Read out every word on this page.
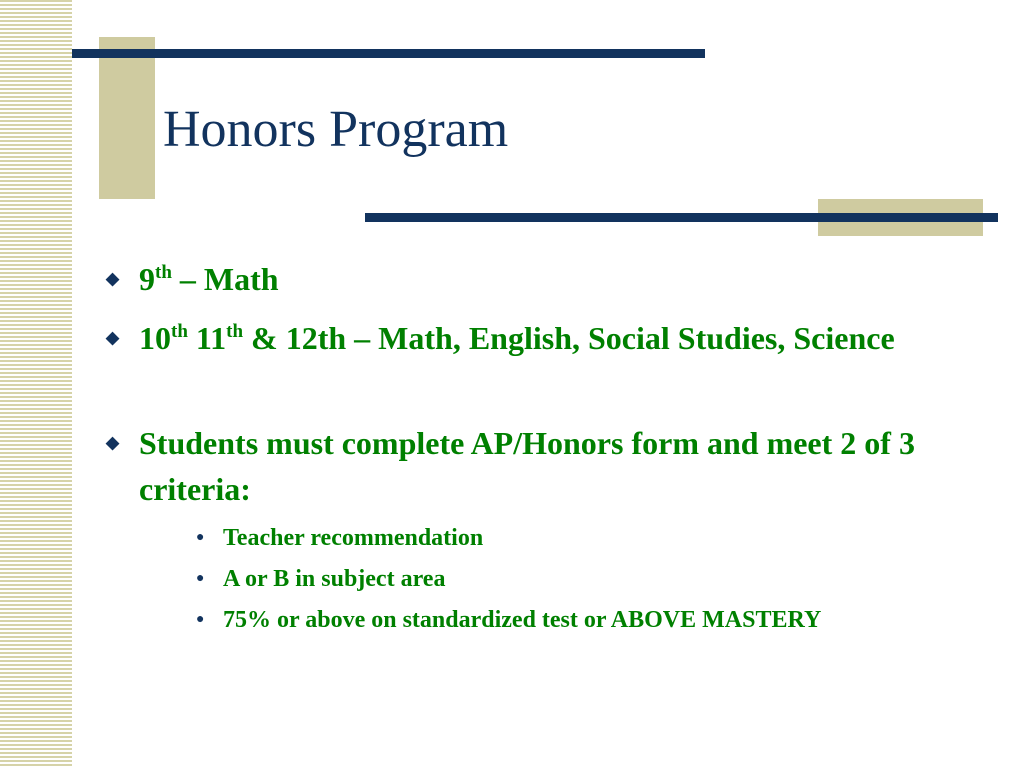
Honors Program
◆ 9th – Math
◆ 10th 11th & 12th – Math, English, Social Studies, Science
◆ Students must complete AP/Honors form and meet 2 of 3 criteria:
● Teacher recommendation
● A or B in subject area
● 75% or above on standardized test or ABOVE MASTERY
